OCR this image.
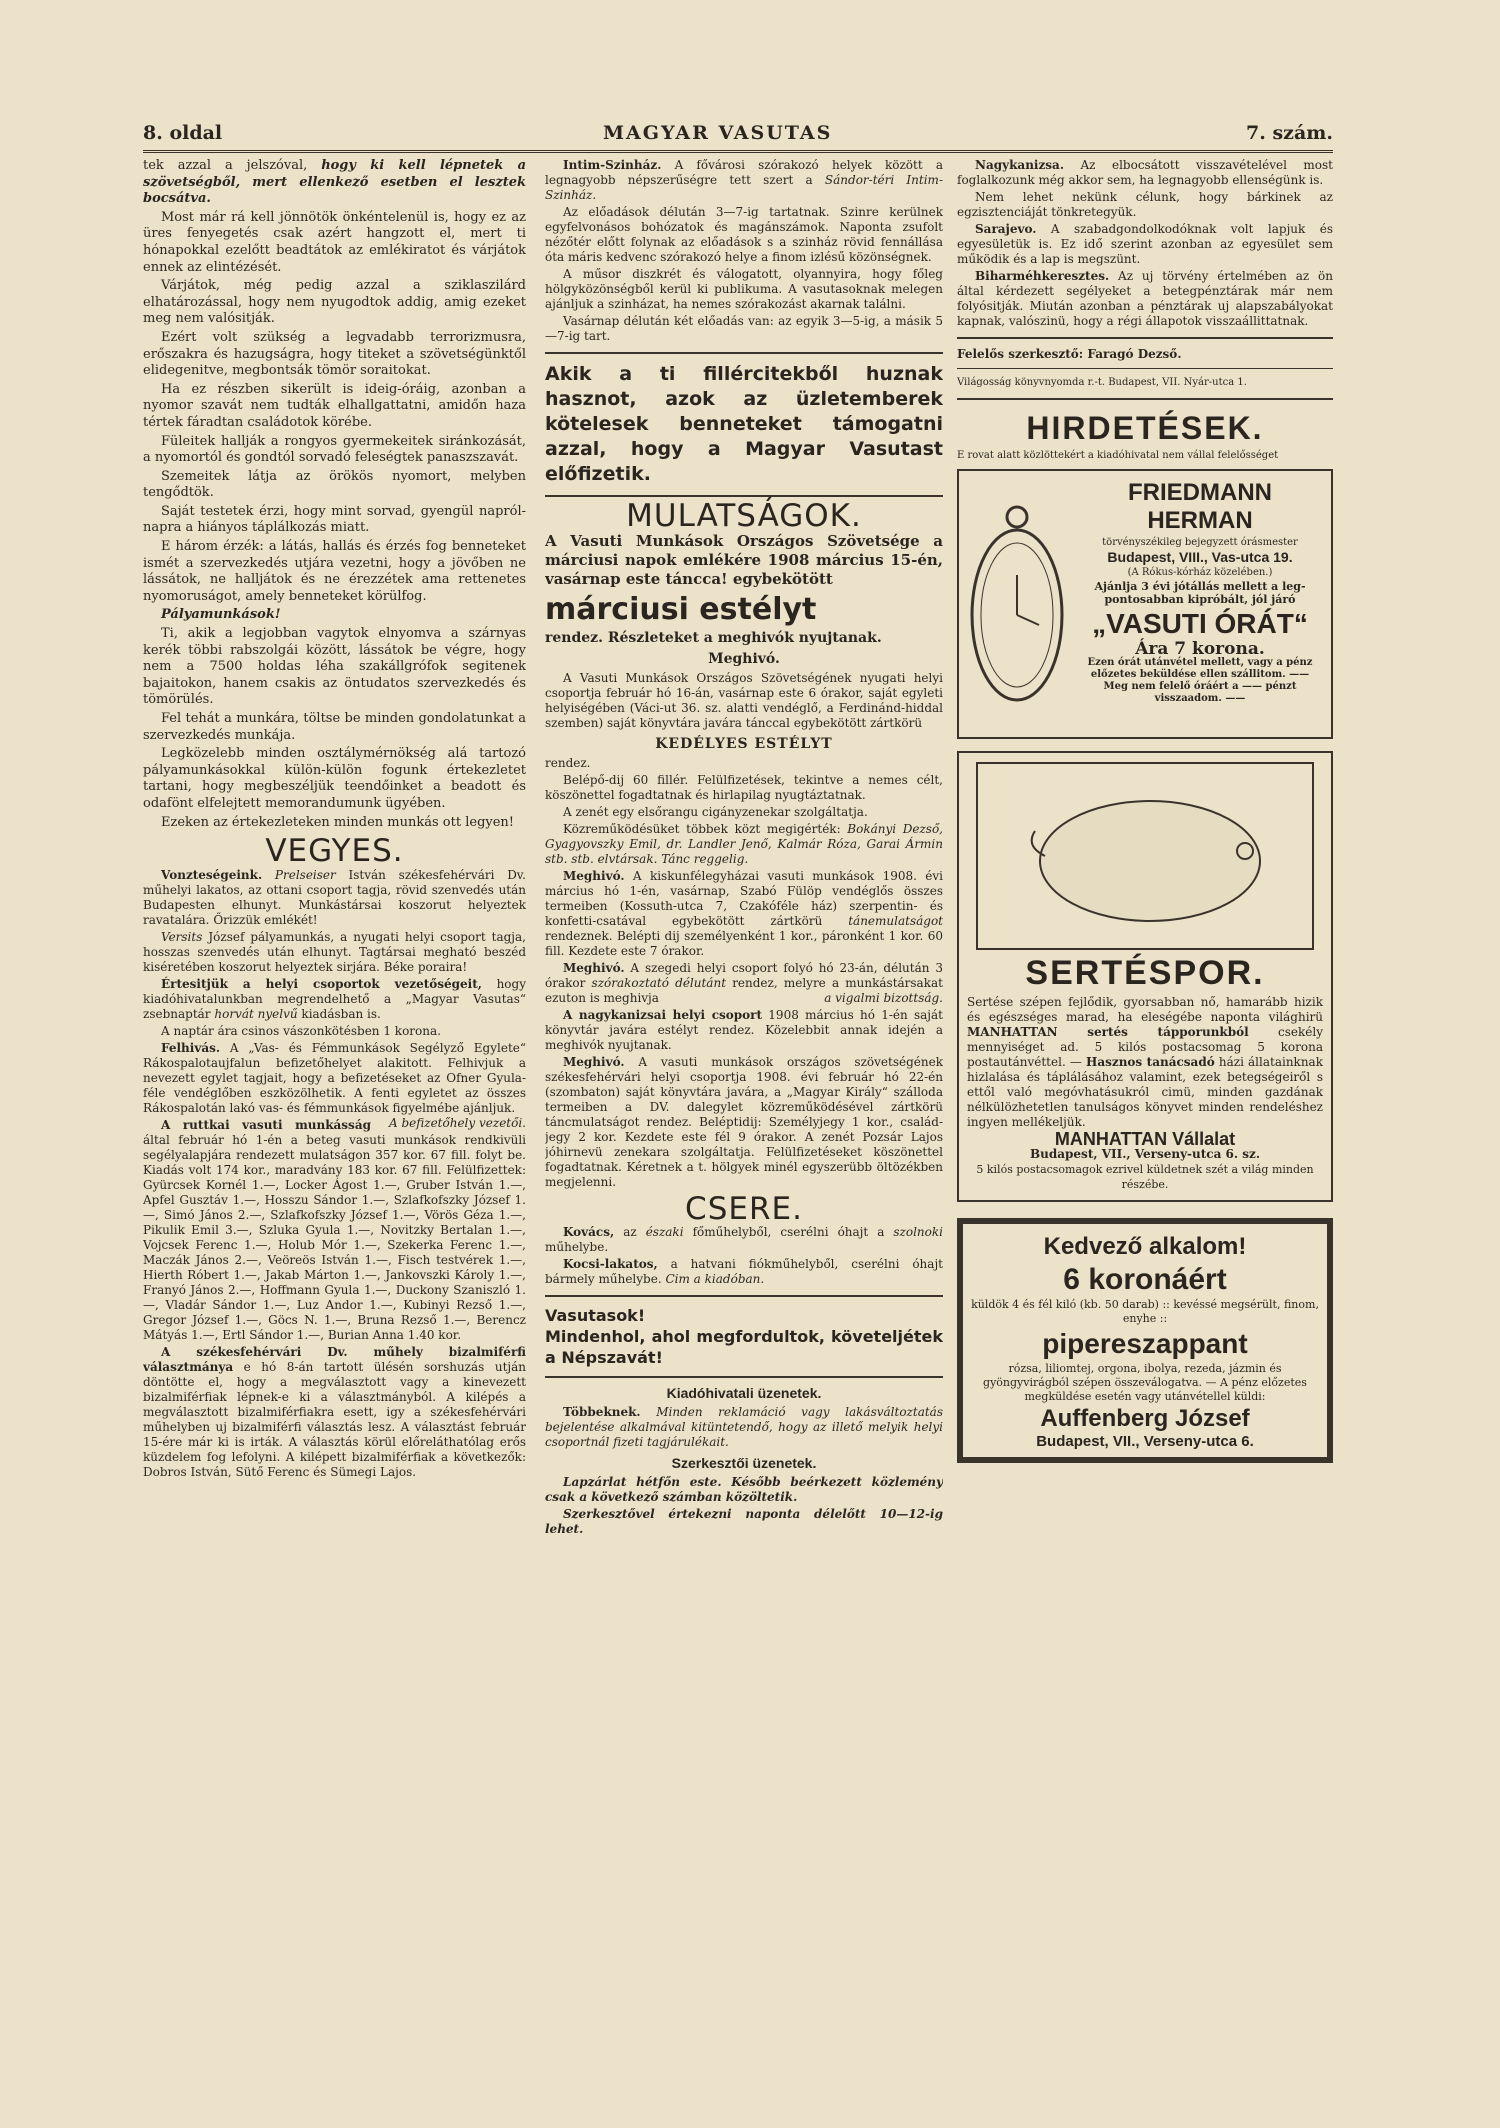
8. oldal	MAGYAR VASUTAS	7. szám.

tek azzal a jelszóval, hogy ki kell lépnetek a szövetségből, mert ellenkező esetben el lesztek bocsátva.

Most már rá kell jönnötök önkéntelenül is, hogy ez az üres fenyegetés csak azért hangzott el, mert ti hónapokkal ezelőtt beadtátok az emlékiratot és várjátok ennek az elintézését.

Várjátok, még pedig azzal a sziklaszilárd elhatározással, hogy nem nyugodtok addig, amig ezeket meg nem valósitják.

Ezért volt szükség a legvadabb terrorizmusra, erőszakra és hazugságra, hogy titeket a szövetségünktől elidegenitve, megbontsák tömör soraitokat.

Ha ez részben sikerült is ideig-óráig, azonban a nyomor szavát nem tudták elhallgattatni, amidőn haza tértek fáradtan családotok körébe.

Füleitek hallják a rongyos gyermekeitek siránkozását, a nyomortól és gondtól sorvadó feleségtek panaszszavát.

Szemeitek látja az örökös nyomort, melyben tengődtök.

Saját testetek érzi, hogy mint sorvad, gyengül napról-napra a hiányos táplálkozás miatt.

E három érzék: a látás, hallás és érzés fog benneteket ismét a szervezkedés utjára vezetni, hogy a jövőben ne lássátok, ne halljátok és ne érezzétek ama rettenetes nyomoruságot, amely benneteket körülfog.

Pályamunkások!

Ti, akik a legjobban vagytok elnyomva a szárnyas kerék többi rabszolgái között, lássátok be végre, hogy nem a 7500 holdas léha szakállgrófok segitenek bajaitokon, hanem csakis az öntudatos szervezkedés és tömörülés.

Fel tehát a munkára, töltse be minden gondolatunkat a szervezkedés munkája.

Legközelebb minden osztálymérnökség alá tartozó pályamunkásokkal külön-külön fogunk értekezletet tartani, hogy megbeszéljük teendőinket a beadott és odafönt elfelejtett memorandumunk ügyében.

Ezeken az értekezleteken minden munkás ott legyen!

VEGYES.

Vonzteségeink. Prelseiser István székesfehérvári Dv. műhelyi lakatos, az ottani csoport tagja, rövid szenvedés után Budapesten elhunyt. Munkástársai koszorut helyeztek ravatalára. Őrizzük emlékét!

Versits József pályamunkás, a nyugati helyi csoport tagja, hosszas szenvedés után elhunyt. Tagtársai megható beszéd kiséretében koszorut helyeztek sirjára. Béke poraira!

Értesitjük a helyi csoportok vezetőségeit, hogy kiadóhivatalunkban megrendelhető a „Magyar Vasutas“ zsebnaptár horvát nyelvű kiadásban is.

A naptár ára csinos vászonkötésben 1 korona.

Felhivás. A „Vas- és Fémmunkások Segélyző Egylete“ Rákospalotaujfalun befizetőhelyet alakitott. Felhivjuk a nevezett egylet tagjait, hogy a befizetéseket az Ofner Gyula-féle vendéglőben eszközölhetik. A fenti egyletet az összes Rákospalotán lakó vas- és fémmunkások figyelmébe ajánljuk.
A befizetőhely vezetői.

A ruttkai vasuti munkásság által február hó 1-én a beteg vasuti munkások rendkivüli segélyalapjára rendezett mulatságon 357 kor. 67 fill. folyt be. Kiadás volt 174 kor., maradvány 183 kor. 67 fill. Felülfizettek: Gyürcsek Kornél 1.—, Locker Ágost 1.—, Gruber István 1.—, Apfel Gusztáv 1.—, Hosszu Sándor 1.—, Szlafkofszky József 1.—, Simó János 2.—, Szlafkofszky József 1.—, Vörös Géza 1.—, Pikulik Emil 3.—, Szluka Gyula 1.—, Novitzky Bertalan 1.—, Vojcsek Ferenc 1.—, Holub Mór 1.—, Szekerka Ferenc 1.—, Maczák János 2.—, Veöreös István 1.—, Fisch testvérek 1.—, Hierth Róbert 1.—, Jakab Márton 1.—, Jankovszki Károly 1.—, Franyó János 2.—, Hoffmann Gyula 1.—, Duckony Szaniszló 1.—, Vladár Sándor 1.—, Luz Andor 1.—, Kubinyi Rezső 1.—, Gregor József 1.—, Göcs N. 1.—, Bruna Rezső 1.—, Berencz Mátyás 1.—, Ertl Sándor 1.—, Burian Anna 1.40 kor.

A székesfehérvári Dv. műhely bizalmiférfi választmánya e hó 8-án tartott ülésén sorshuzás utján döntötte el, hogy a megválasztott vagy a kinevezett bizalmiférfiak lépnek-e ki a választmányból. A kilépés a megválasztott bizalmiférfiakra esett, igy a székesfehérvári műhelyben uj bizalmiférfi választás lesz. A választást február 15-ére már ki is irták. A választás körül előreláthatólag erős küzdelem fog lefolyni. A kilépett bizalmiférfiak a következők: Dobros István, Sütő Ferenc és Sümegi Lajos.

Intim-Szinház. A fővárosi szórakozó helyek között a legnagyobb népszerűségre tett szert a Sándor-téri Intim-Szinház.

Az előadások délután 3—7-ig tartatnak. Szinre kerülnek egyfelvonásos bohózatok és magánszámok. Naponta zsufolt nézőtér előtt folynak az előadások s a szinház rövid fennállása óta máris kedvenc szórakozó helye a finom izlésű közönségnek.

A műsor diszkrét és válogatott, olyannyira, hogy főleg hölgyközönségből kerül ki publikuma. A vasutasoknak melegen ajánljuk a szinházat, ha nemes szórakozást akarnak találni.

Vasárnap délután két előadás van: az egyik 3—5-ig, a másik 5—7-ig tart.

Akik a ti fillércitekből huznak hasznot, azok az üzletemberek kötelesek benneteket támogatni azzal, hogy a Magyar Vasutast előfizetik.

MULATSÁGOK.

A Vasuti Munkások Országos Szövetsége a márciusi napok emlékére 1908 március 15-én, vasárnap este táncca! egybekötött

márciusi estélyt

rendez. Részleteket a meghivók nyujtanak.

Meghivó.

A Vasuti Munkások Országos Szövetségének nyugati helyi csoportja február hó 16-án, vasárnap este 6 órakor, saját egyleti helyiségében (Váci-ut 36. sz. alatti vendéglő, a Ferdinánd-hiddal szemben) saját könyvtára javára tánccal egybekötött zártkörü

KEDÉLYES ESTÉLYT

rendez.

Belépő-dij 60 fillér. Felülfizetések, tekintve a nemes célt, köszönettel fogadtatnak és hirlapilag nyugtáztatnak.

A zenét egy elsőrangu cigányzenekar szolgáltatja.

Közreműködésüket többek közt megigérték: Bokányi Dezső, Gyagyovszky Emil, dr. Landler Jenő, Kalmár Róza, Garai Ármin stb. stb. elvtársak. Tánc reggelig.

Meghivó. A kiskunfélegyházai vasuti munkások 1908. évi március hó 1-én, vasárnap, Szabó Fülöp vendéglős összes termeiben (Kossuth-utca 7, Czakóféle ház) szerpentin- és konfetti-csatával egybekötött zártkörü tánemulatságot rendeznek. Belépti dij személyenként 1 kor., páronként 1 kor. 60 fill. Kezdete este 7 órakor.

Meghivó. A szegedi helyi csoport folyó hó 23-án, délután 3 órakor szórakoztató délutánt rendez, melyre a munkástársakat ezuton is meghivja	a vigalmi bizottság.

A nagykanizsai helyi csoport 1908 március hó 1-én saját könyvtár javára estélyt rendez. Közelebbit annak idején a meghivók nyujtanak.

Meghivó. A vasuti munkások országos szövetségének székesfehérvári helyi csoportja 1908. évi február hó 22-én (szombaton) saját könyvtára javára, a „Magyar Király“ szálloda termeiben a DV. dalegylet közreműködésével zártkörü táncmulatságot rendez. Beléptidij: Személyjegy 1 kor., családjegy 2 kor. Kezdete este fél 9 órakor. A zenét Pozsár Lajos jóhirnevü zenekara szolgáltatja. Felülfizetéseket köszönettel fogadtatnak. Kéretnek a t. hölgyek minél egyszerübb öltözékben megjelenni.

CSERE.

Kovács, az északi főműhelyből, cserélni óhajt a szolnoki műhelybe.

Kocsi-lakatos, a hatvani fiókműhelyből, cserélni óhajt bármely műhelybe. Cim a kiadóban.

Vasutasok!
Mindenhol, ahol megfordultok, követeljétek a Népszavát!

Kiadóhivatali üzenetek.

Többeknek. Minden reklamáció vagy lakásváltoztatás bejelentése alkalmával kitüntetendő, hogy az illető melyik helyi csoportnál fizeti tagjárulékait.

Szerkesztői üzenetek.

Lapzárlat hétfőn este. Később beérkezett közlemény csak a következő számban közöltetik.

Szerkesztővel értekezni naponta délelőtt 10—12-ig lehet.

Nagykanizsa. Az elbocsátott visszavételével most foglalkozunk még akkor sem, ha legnagyobb ellenségünk is.

Nem lehet nekünk célunk, hogy bárkinek az egzisztenciáját tönkretegyük.

Sarajevo. A szabadgondolkodóknak volt lapjuk és egyesületük is. Ez idő szerint azonban az egyesület sem működik és a lap is megszünt.

Biharméhkeresztes. Az uj törvény értelmében az ön által kérdezett segélyeket a betegpénztárak már nem folyósitják. Miután azonban a pénztárak uj alapszabályokat kapnak, valószinü, hogy a régi állapotok visszaállittatnak.

Felelős szerkesztő: Faragó Dezső.

Világosság könyvnyomda r.-t. Budapest, VII. Nyár-utca 1.

HIRDETÉSEK.

E rovat alatt közlöttekért a kiadóhivatal nem vállal felelősséget

FRIEDMANN HERMAN
törvényszékileg bejegyzett órásmester
Budapest, VIII., Vas-utca 19.
(A Rókus-kórház közelében.)
Ajánlja 3 évi jótállás mellett a legpontosabban kipróbált, jól járó
„VASUTI ÓRÁT“
Ára 7 korona.
Ezen órát utánvétel mellett, vagy a pénz előzetes beküldése ellen szállitom. —— Meg nem felelő óráért a —— pénzt visszaadom. ——
SERTÉSPOR.

Sertése szépen fejlődik, gyorsabban nő, hamarább hizik és egészséges marad, ha eleségébe naponta világhirü MANHATTAN sertés tápporunkból csekély mennyiséget ad. 5 kilós postacsomag 5 korona postautánvéttel. — Hasznos tanácsadó házi állatainknak hizlalása és táplálásához valamint, ezek betegségeiről s ettől való megóvhatásukról cimü, minden gazdának nélkülözhetetlen tanulságos könyvet minden rendeléshez ingyen mellékeljük.

MANHATTAN Vállalat
Budapest, VII., Verseny-utca 6. sz.
5 kilós postacsomagok ezrivel küldetnek szét a világ minden részébe.
Kedvező alkalom!
6 koronáért
küldök 4 és fél kiló (kb. 50 darab) :: kevéssé megsérült, finom, enyhe ::
pipereszappant
rózsa, liliomtej, orgona, ibolya, rezeda, jázmin és gyöngyvirágból szépen összeválogatva. — A pénz előzetes megküldése esetén vagy utánvétellel küldi:
Auffenberg József
Budapest, VII., Verseny-utca 6.
